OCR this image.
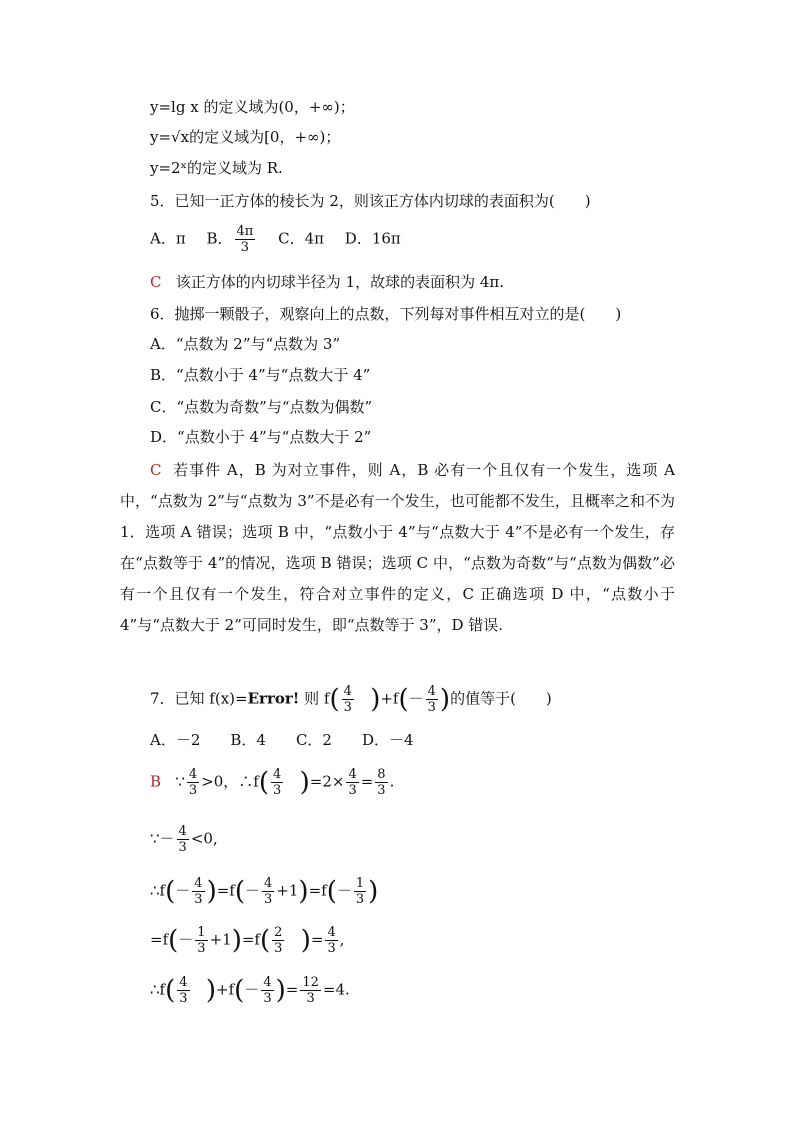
y=lg x 的定义域为(0，+∞)；
y=√x的定义域为[0，+∞)；
y=2ˣ的定义域为 R.
5．已知一正方体的棱长为 2，则该正方体内切球的表面积为(　　)
A．π B． $\frac{4\pi}{3}$ C．4π D．16π
C 该正方体的内切球半径为 1，故球的表面积为 4π.
6．抛掷一颗骰子，观察向上的点数，下列每对事件相互对立的是(　　)
A．“点数为 2”与“点数为 3”
B．“点数小于 4”与“点数大于 4”
C．“点数为奇数”与“点数为偶数”
D．“点数小于 4”与“点数大于 2”
C 若事件 A，B 为对立事件，则 A，B 必有一个且仅有一个发生，选项 A 中，“点数为 2”与“点数为 3”不是必有一个发生，也可能都不发生，且概率之和不为 1．选项 A 错误；选项 B 中，“点数小于 4”与“点数大于 4”不是必有一个发生，存在“点数等于 4”的情况，选项 B 错误；选项 C 中，“点数为奇数”与“点数为偶数”必有一个且仅有一个发生，符合对立事件的定义，C 正确选项 D 中，“点数小于 4”与“点数大于 2”可同时发生，即“点数等于 3”，D 错误.
7．已知 f(x)=Error! 则 $f( \frac{4}{3} )+f(- \frac{4}{3}$ )的值等于(　　)
A．－2　　B．4　　C．2　　D．－4
B ∵ $\frac{4}{3} >0$，∴f( $\frac{4}{3} )=2\times \frac{4}{3} = \frac{8}{3}$ .
∵－ $\frac{4}{3} <0$,
∴f(－ $\frac{4}{3} )=f(- \frac{4}{3} +1)=f(- \frac{1}{3}$ )
$=f(- \frac{1}{3} +1)=f( \frac{2}{3}$ )= $\frac{4}{3}$ ,
∴f( $\frac{4}{3} )+f(- \frac{4}{3}$ )= $\frac{12}{3} =4$.
